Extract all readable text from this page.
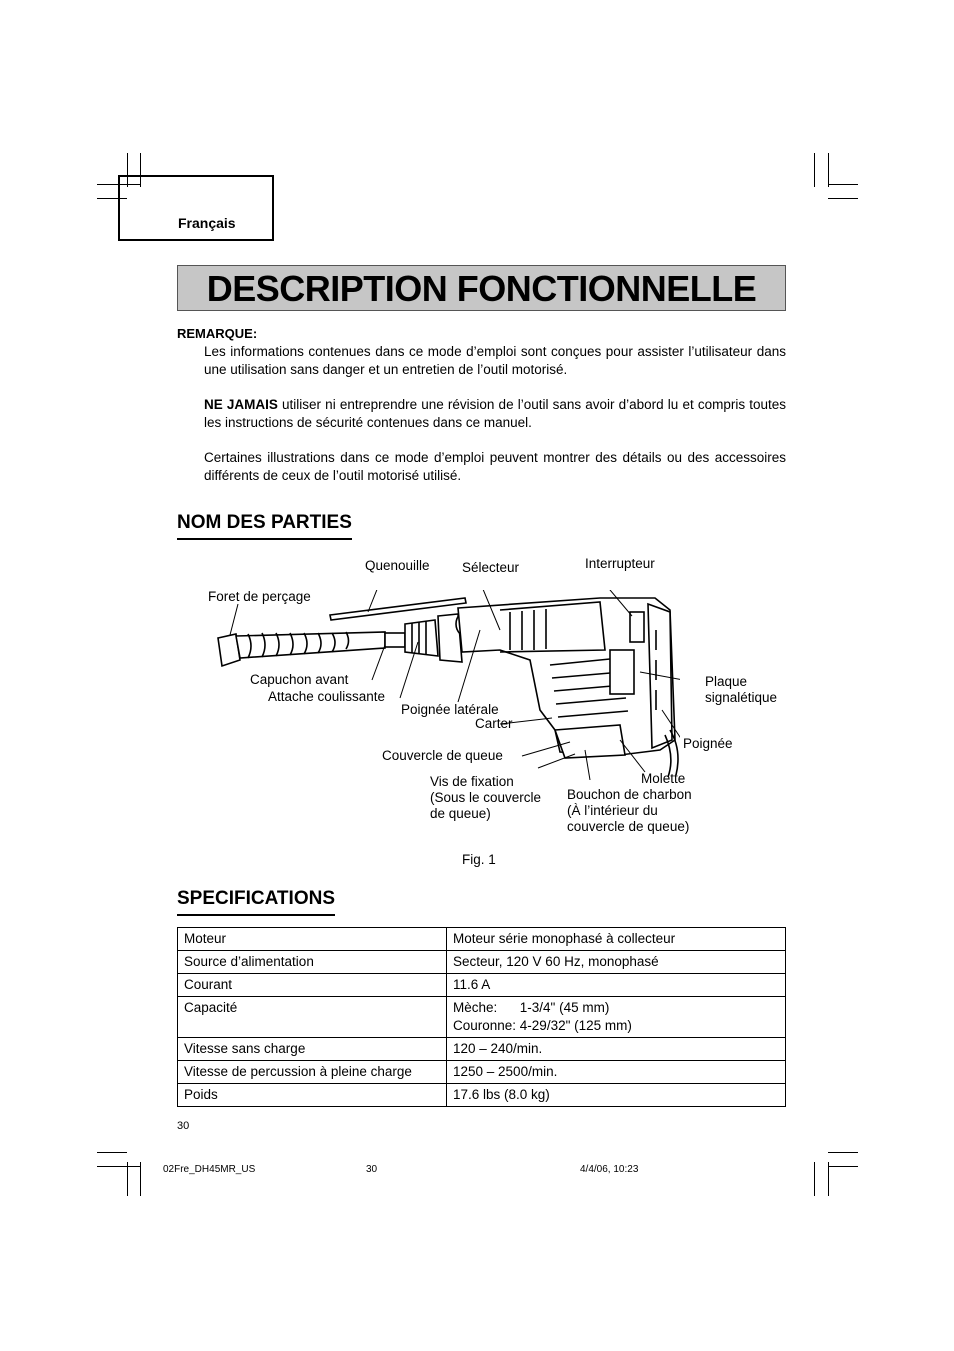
Français
DESCRIPTION FONCTIONNELLE
REMARQUE:
Les informations contenues dans ce mode d’emploi sont conçues pour assister l’utilisateur dans une utilisation sans danger et un entretien de l’outil motorisé.
NE JAMAIS utiliser ni entreprendre une révision de l’outil sans avoir d’abord lu et compris toutes les instructions de sécurité contenues dans ce manuel.
Certaines illustrations dans ce mode d’emploi peuvent montrer des détails ou des accessoires différents de ceux de l’outil motorisé utilisé.
NOM DES PARTIES
Quenouille Sélecteur	Interrupteur
Foret de perçage
Capuchon avant
Attache coulissante
Poignée latérale
Carter
Plaque
signalétique
Poignée
Couvercle de queue
Vis de fixation
(Sous le couvercle
de queue)
Molette
Bouchon de charbon
(À l’intérieur du
couvercle de queue)
Fig. 1
SPECIFICATIONS
Moteur	Moteur série monophasé à collecteur
Source d’alimentation	Secteur, 120 V 60 Hz, monophasé
Courant	11.6 A
Capacité	Mèche:      1-3/4" (45 mm)
Couronne: 4-29/32" (125 mm)

Vitesse sans charge	120 – 240/min.
Vitesse de percussion à pleine charge	1250 – 2500/min.
Poids	17.6 lbs (8.0 kg)
30
02Fre_DH45MR_US	30	4/4/06, 10:23
